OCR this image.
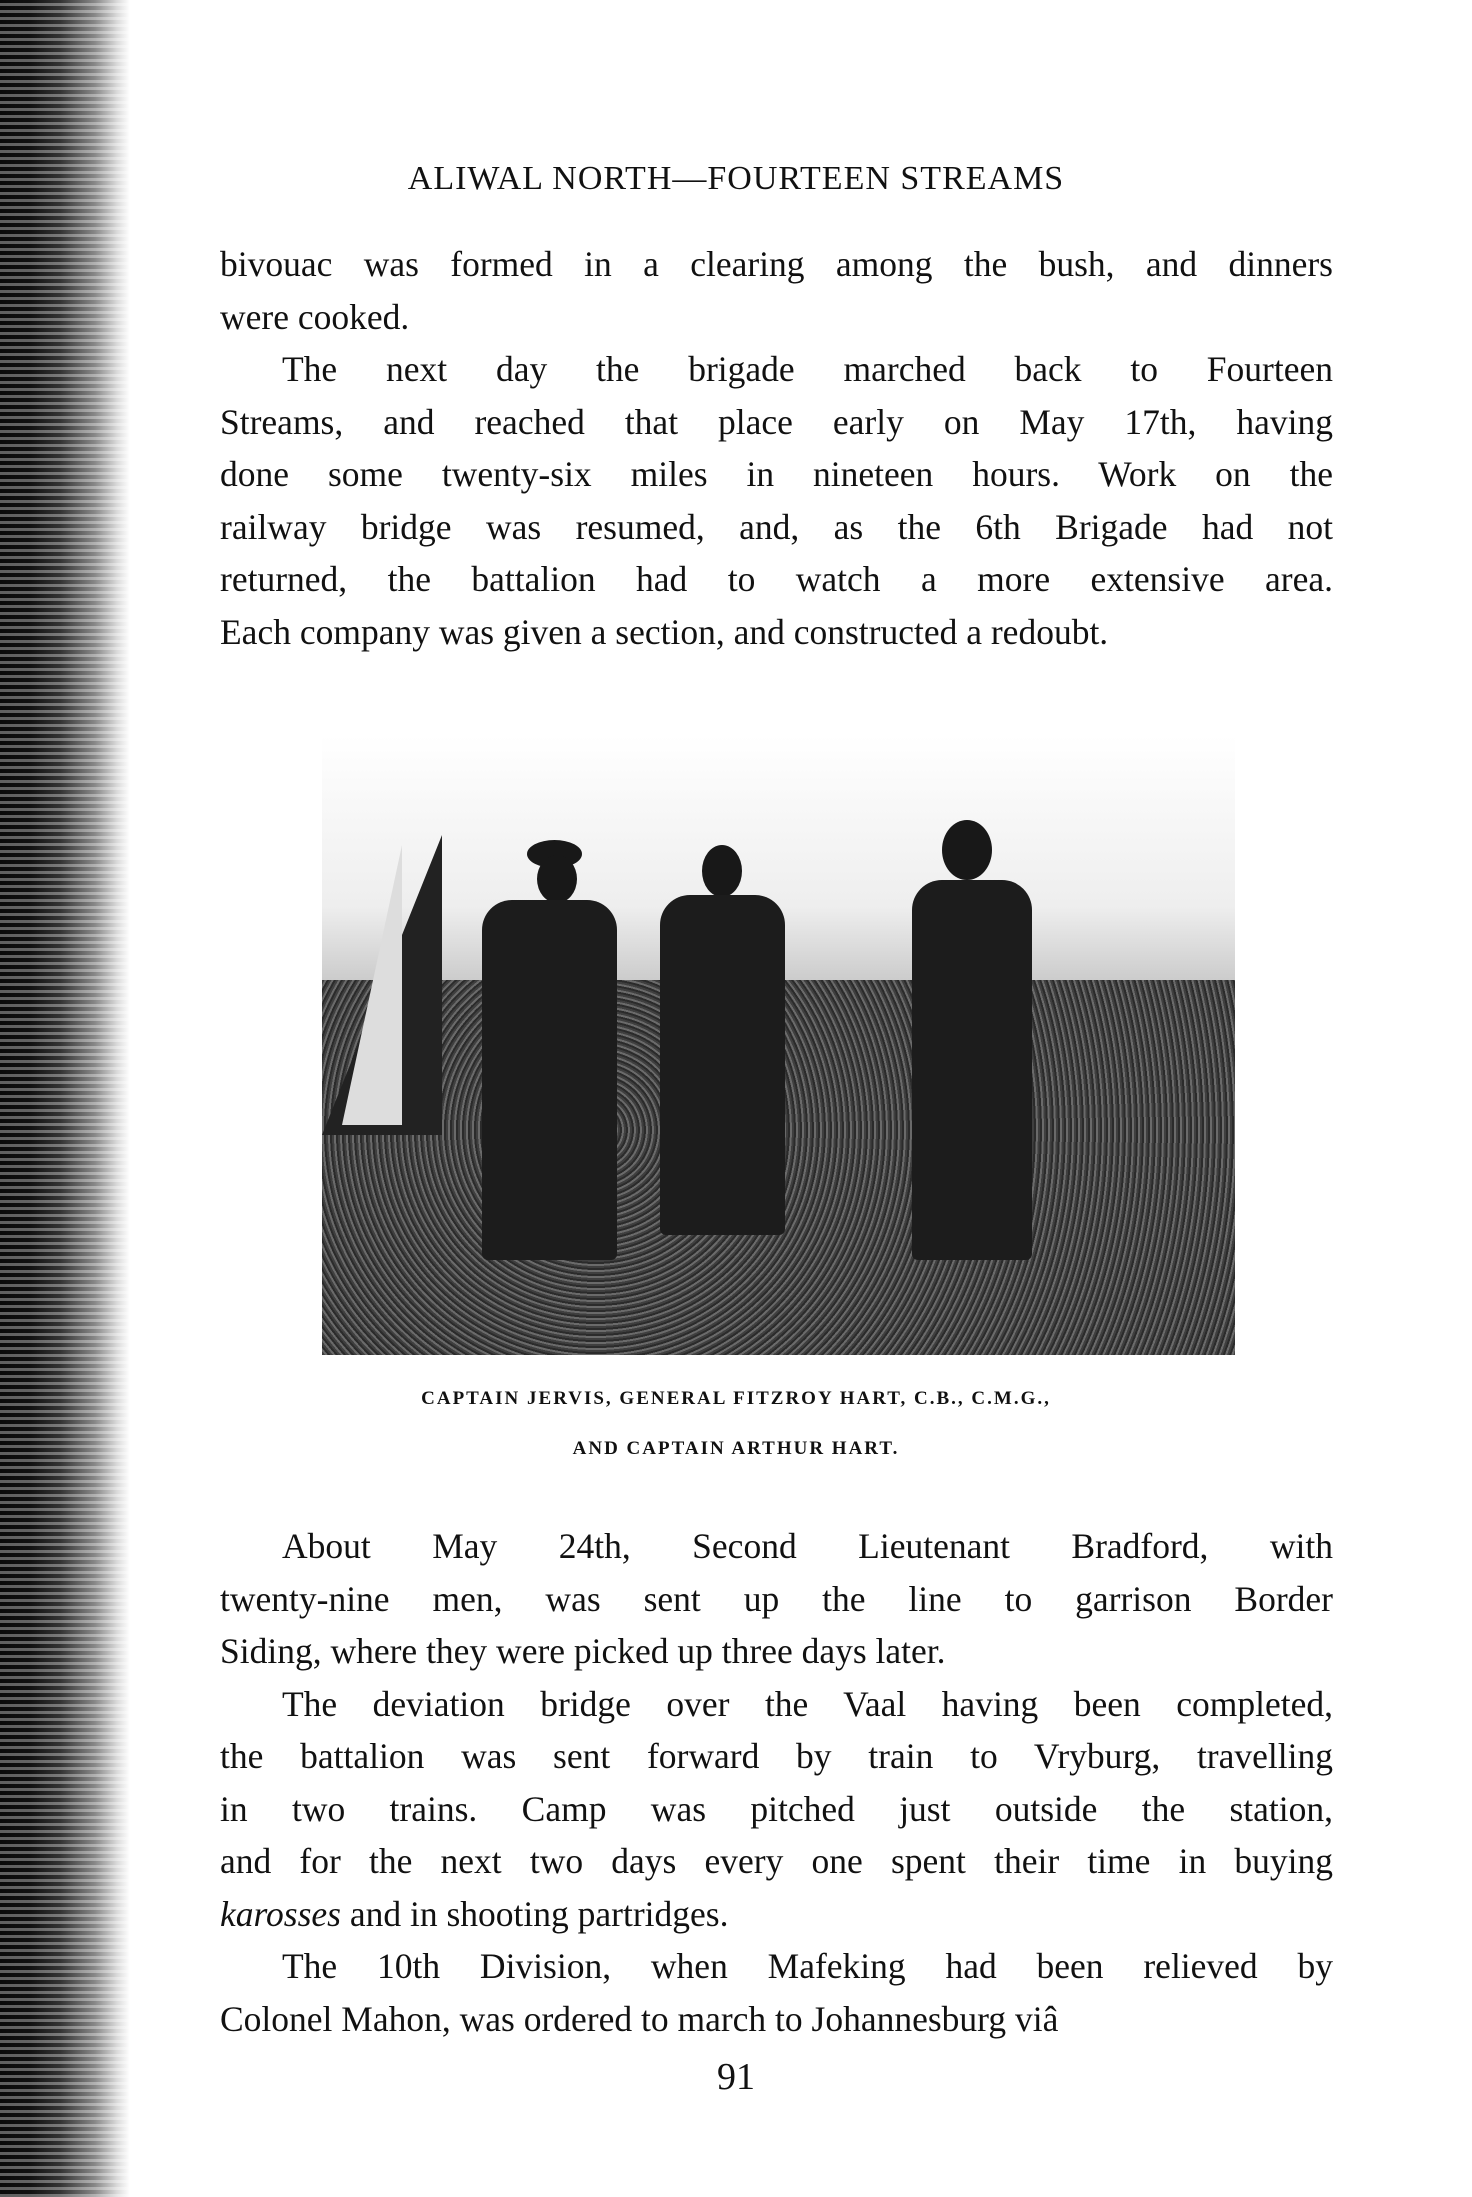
ALIWAL NORTH—FOURTEEN STREAMS
bivouac was formed in a clearing among the bush, and dinners
were cooked.
The next day the brigade marched back to Fourteen
Streams, and reached that place early on May 17th, having
done some twenty-six miles in nineteen hours. Work on the
railway bridge was resumed, and, as the 6th Brigade had not
returned, the battalion had to watch a more extensive area.
Each company was given a section, and constructed a redoubt.
CAPTAIN JERVIS, GENERAL FITZROY HART, C.B., C.M.G.,
AND CAPTAIN ARTHUR HART.
About May 24th, Second Lieutenant Bradford, with
twenty-nine men, was sent up the line to garrison Border
Siding, where they were picked up three days later.
The deviation bridge over the Vaal having been completed,
the battalion was sent forward by train to Vryburg, travelling
in two trains. Camp was pitched just outside the station,
and for the next two days every one spent their time in buying
karosses and in shooting partridges.
The 10th Division, when Mafeking had been relieved by
Colonel Mahon, was ordered to march to Johannesburg viâ
91
